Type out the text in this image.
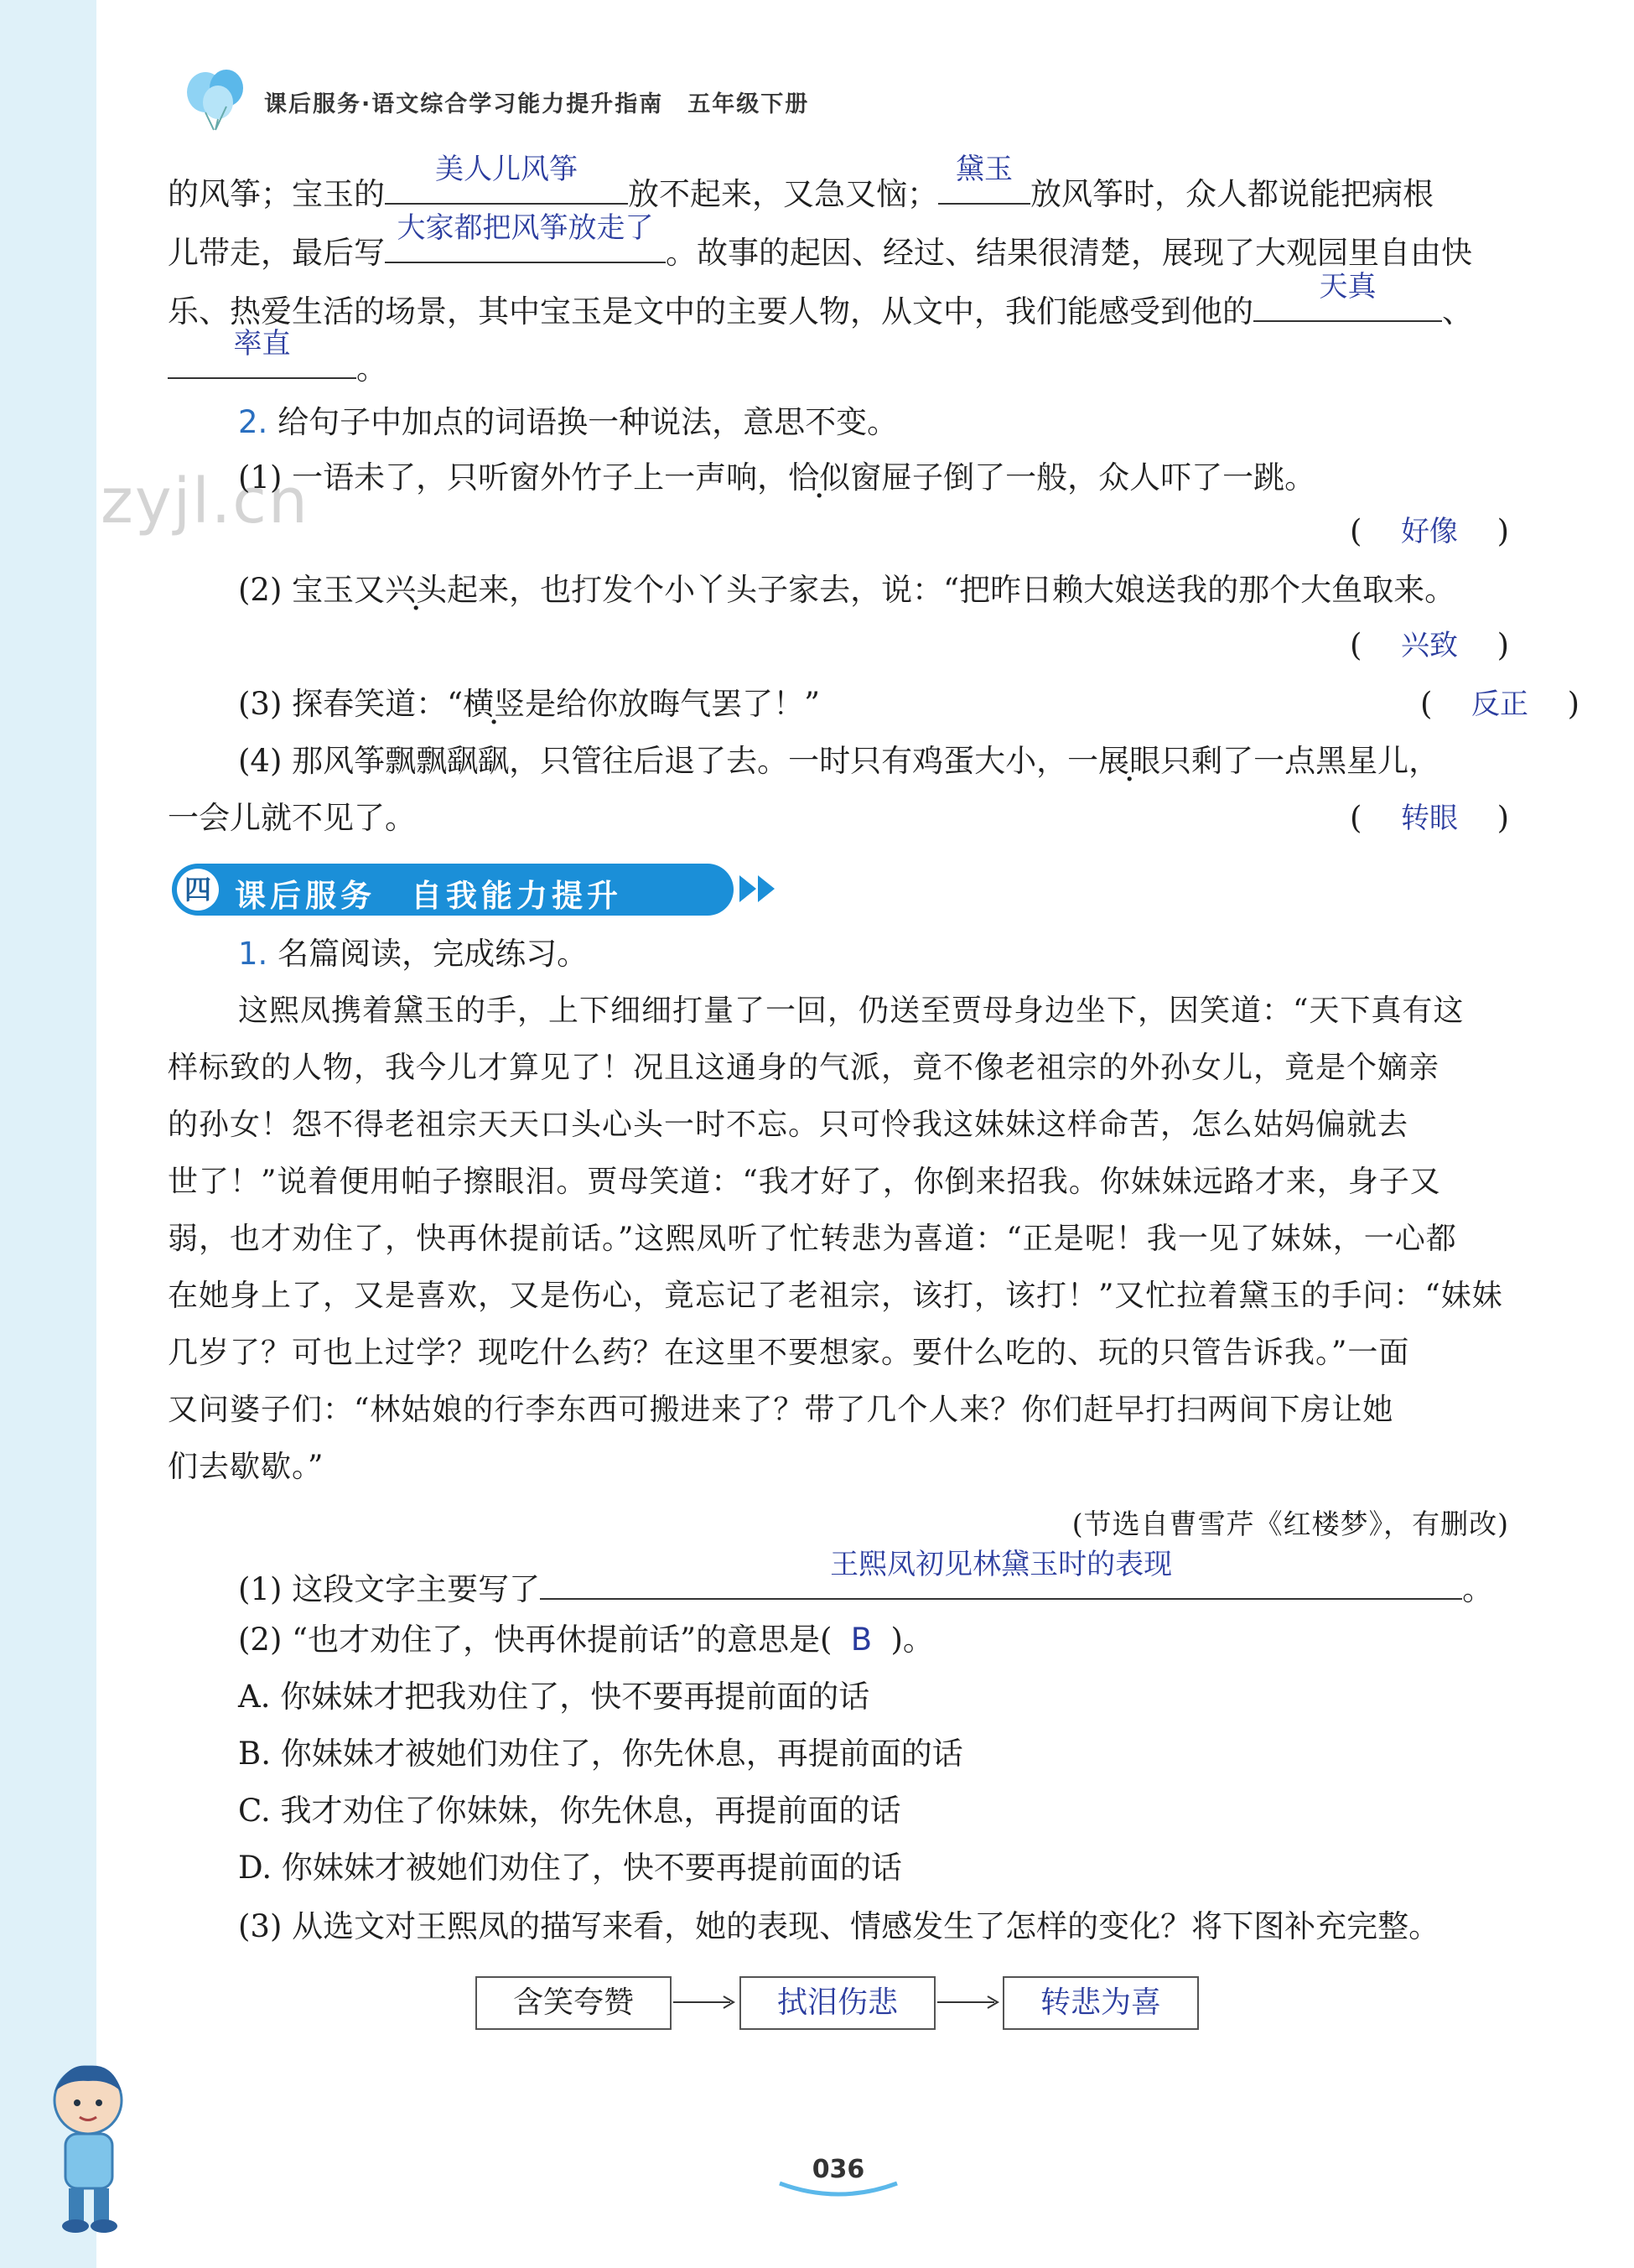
课后服务·语文综合学习能力提升指南　五年级下册
zyjl.cn
的风筝；宝玉的
美人儿风筝
放不起来，又急又恼；
黛玉
放风筝时，众人都说能把病根
儿带走，最后写
大家都把风筝放走了
。故事的起因、经过、结果很清楚，展现了大观园里自由快
乐、热爱生活的场景，其中宝玉是文中的主要人物，从文中，我们能感受到他的
天真
、
率直
。
2. 给句子中加点的词语换一种说法，意思不变。
(1) 一语未了，只听窗外竹子上一声响，恰似窗屉子倒了一般，众人吓了一跳。
( 好像 )
(2) 宝玉又兴头起来，也打发个小丫头子家去，说：“把昨日赖大娘送我的那个大鱼取来。
( 兴致 )
(3) 探春笑道：“横竖是给你放晦气罢了！”	( 反正 )
(4) 那风筝飘飘飖飖，只管往后退了去。一时只有鸡蛋大小，一展眼只剩了一点黑星儿，
一会儿就不见了。	( 转眼 )
四 课后服务　自我能力提升
1. 名篇阅读，完成练习。
这熙凤携着黛玉的手，上下细细打量了一回，仍送至贾母身边坐下，因笑道：“天下真有这
样标致的人物，我今儿才算见了！况且这通身的气派，竟不像老祖宗的外孙女儿，竟是个嫡亲
的孙女！怨不得老祖宗天天口头心头一时不忘。只可怜我这妹妹这样命苦，怎么姑妈偏就去
世了！”说着便用帕子擦眼泪。贾母笑道：“我才好了，你倒来招我。你妹妹远路才来，身子又
弱，也才劝住了，快再休提前话。”这熙凤听了忙转悲为喜道：“正是呢！我一见了妹妹，一心都
在她身上了，又是喜欢，又是伤心，竟忘记了老祖宗，该打，该打！”又忙拉着黛玉的手问：“妹妹
几岁了？可也上过学？现吃什么药？在这里不要想家。要什么吃的、玩的只管告诉我。”一面
又问婆子们：“林姑娘的行李东西可搬进来了？带了几个人来？你们赶早打扫两间下房让她
们去歇歇。”
(节选自曹雪芹《红楼梦》，有删改)
(1) 这段文字主要写了
王熙凤初见林黛玉时的表现
。
(2) “也才劝住了，快再休提前话”的意思是( B )。
A. 你妹妹才把我劝住了，快不要再提前面的话
B. 你妹妹才被她们劝住了，你先休息，再提前面的话
C. 我才劝住了你妹妹，你先休息，再提前面的话
D. 你妹妹才被她们劝住了，快不要再提前面的话
(3) 从选文对王熙凤的描写来看，她的表现、情感发生了怎样的变化？将下图补充完整。
含笑夸赞	拭泪伤悲	转悲为喜
036
